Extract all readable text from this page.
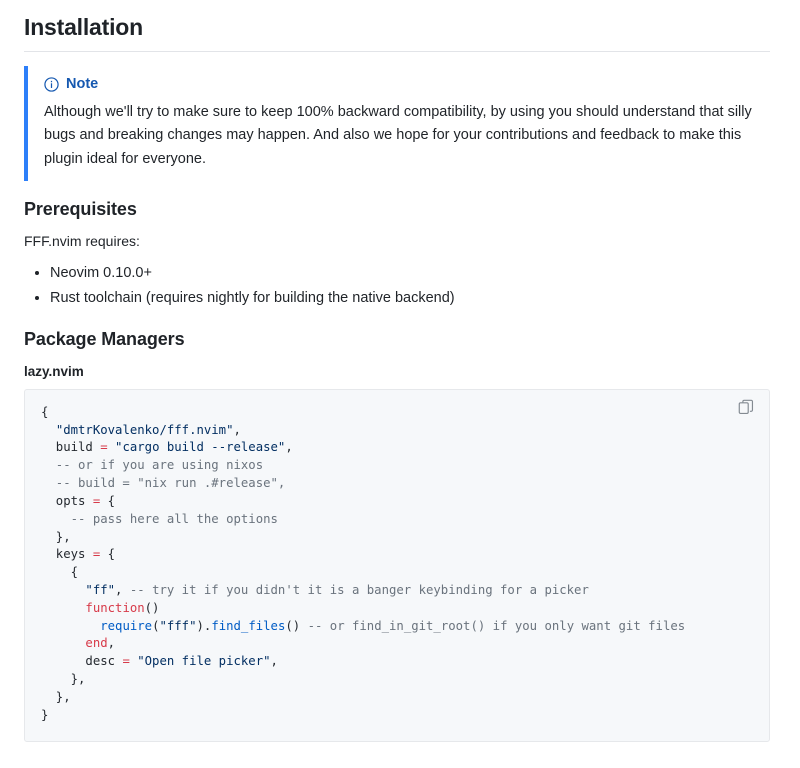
Installation
Note
Although we'll try to make sure to keep 100% backward compatibility, by using you should understand that silly bugs and breaking changes may happen. And also we hope for your contributions and feedback to make this plugin ideal for everyone.
Prerequisites

FFF.nvim requires:

• Neovim 0.10.0+
• Rust toolchain (requires nightly for building the native backend)
Package Managers
lazy.nvim
{
"dmtrKovalenko/fff.nvim",
build = "cargo build --release",
-- or if you are using nixos
-- build = "nix run .#release",
opts = {
-- pass here all the options
},
keys = {
{
"ff", -- try it if you didn't it is a banger keybinding for a picker
function()
require("fff").find_files() -- or find_in_git_root() if you only want git files
end,
desc = "Open file picker",
},
},
}
